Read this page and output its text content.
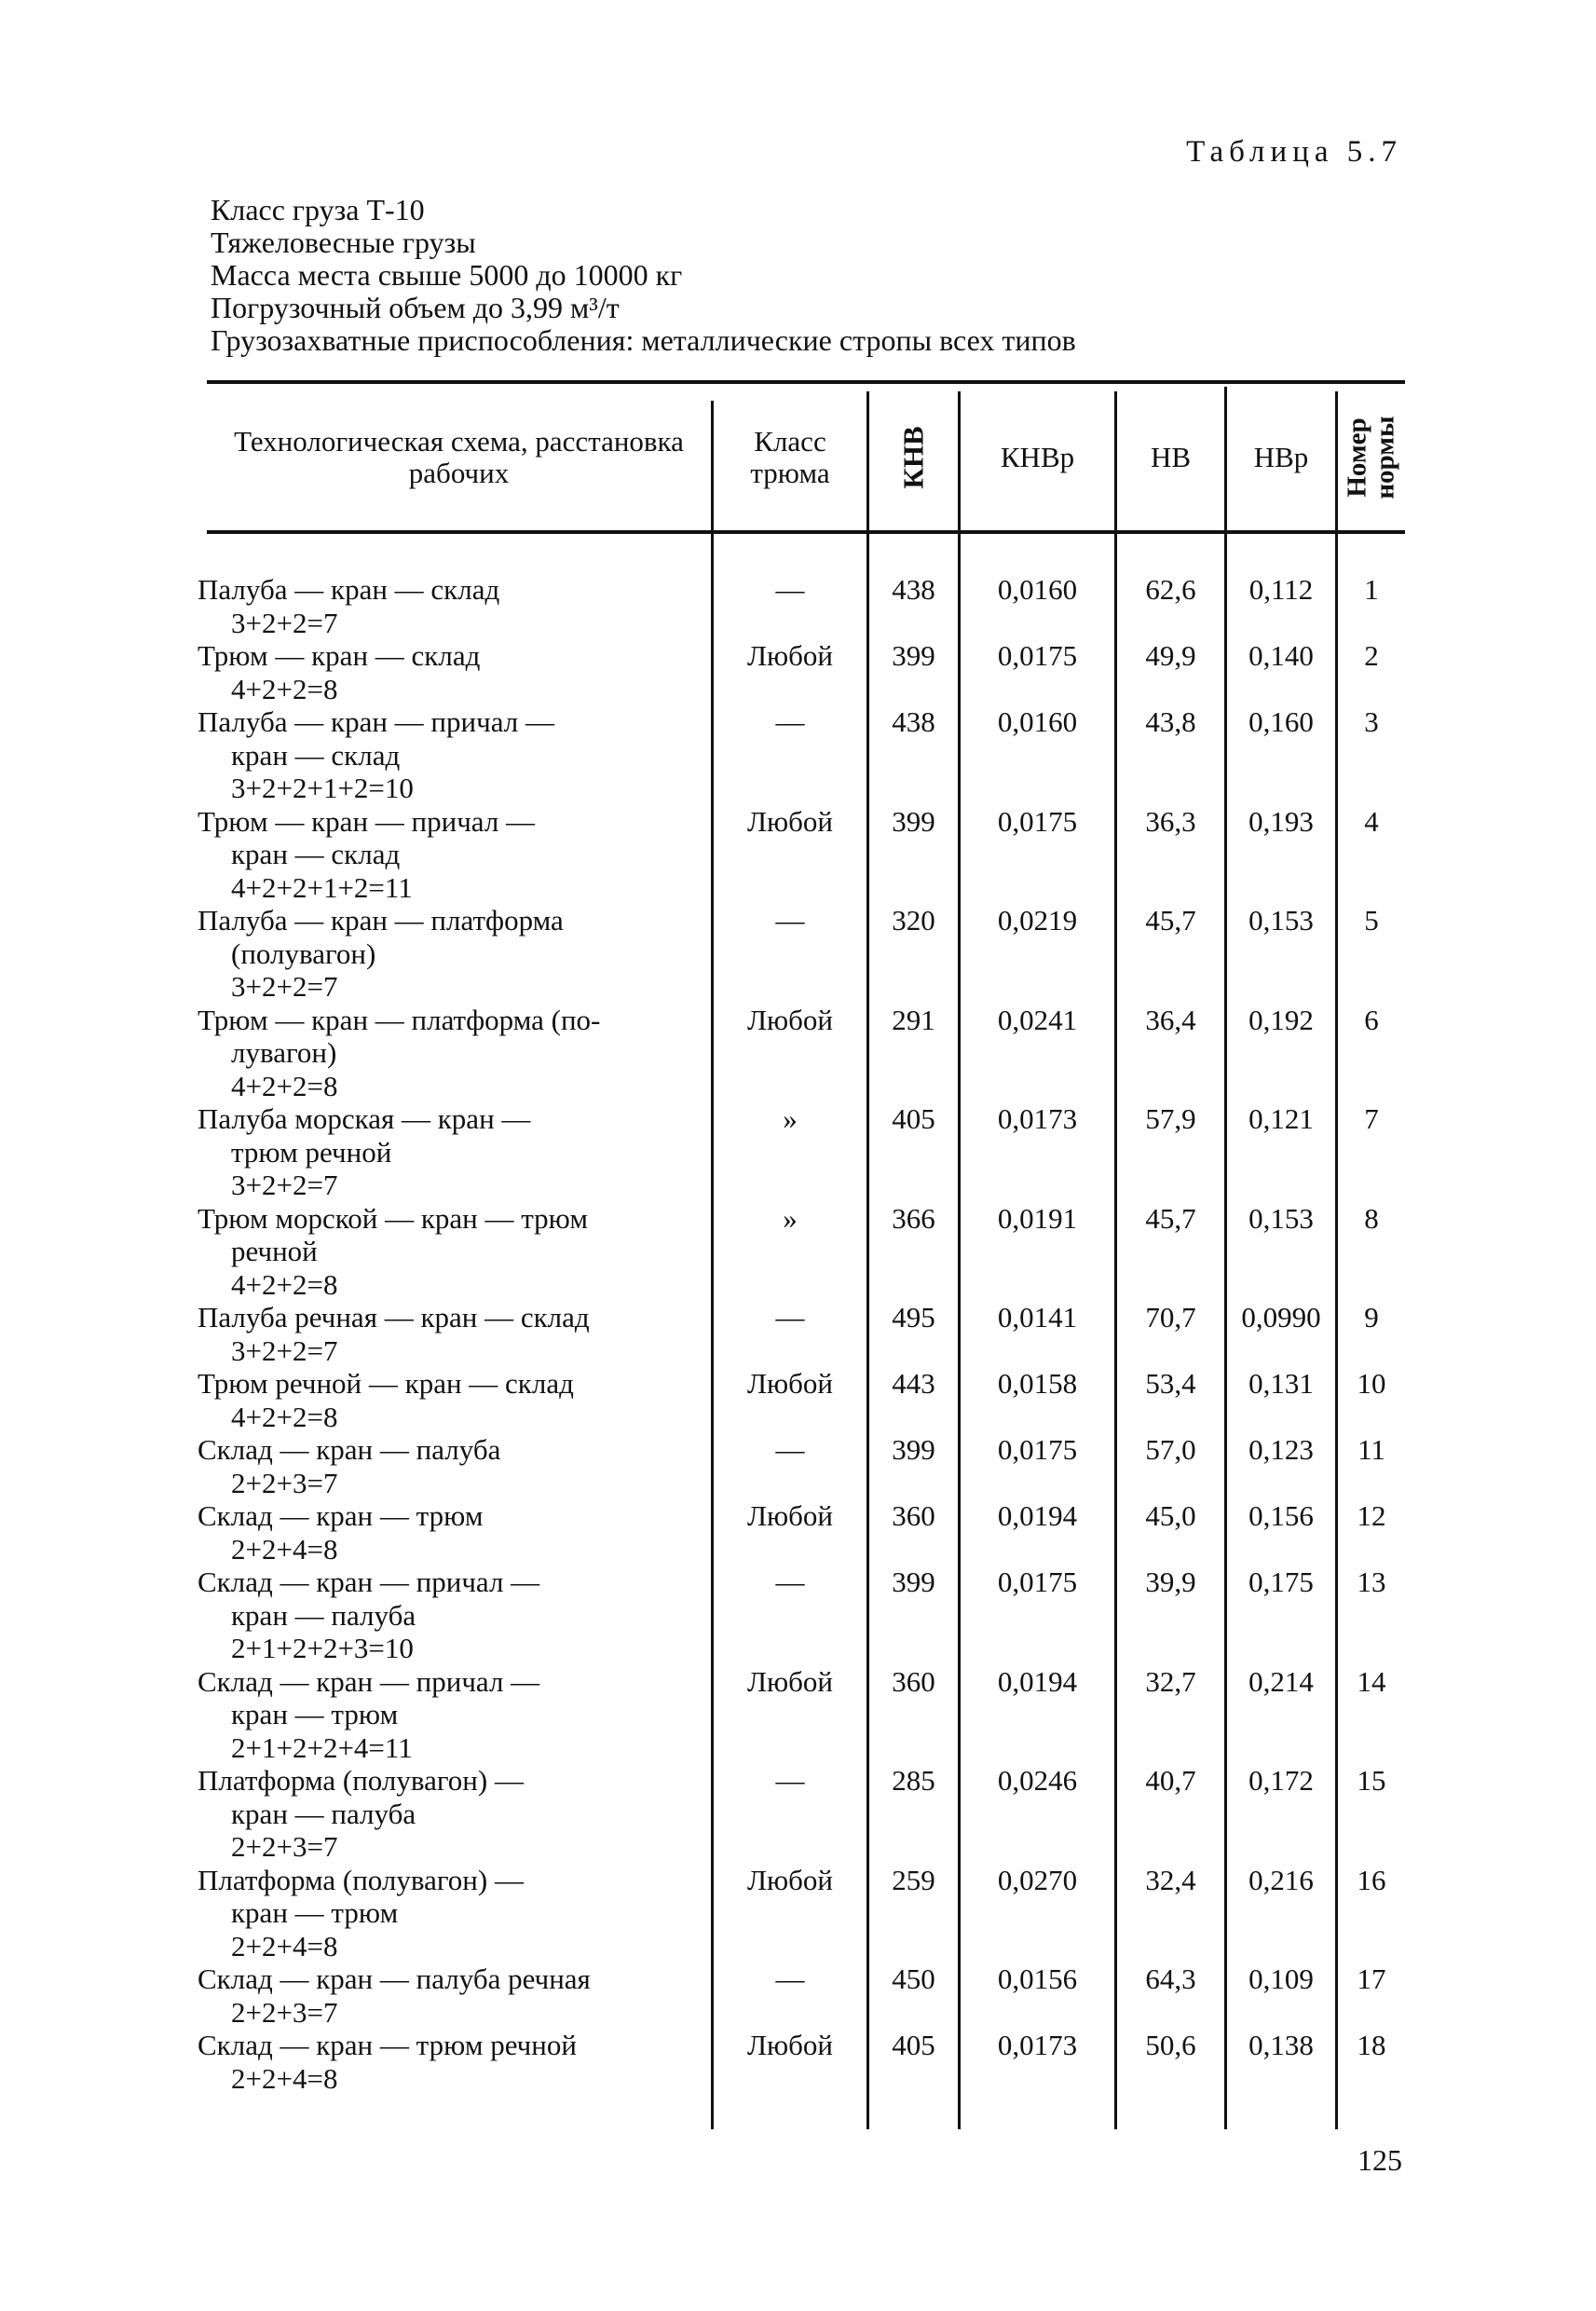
Таблица 5.7
Класс груза Т-10
Тяжеловесные грузы
Масса места свыше 5000 до 10000 кг
Погрузочный объем до 3,99 м³/т
Грузозахватные приспособления: металлические стропы всех типов
Технологическая схема, расстановка рабочих
Класс трюма	КНВ	КНВр	НВ	НВр	Номер нормы
Палуба — кран — склад
3+2+2=7
—	438	0,0160	62,6	0,112	1
Трюм — кран — склад
4+2+2=8
Любой	399	0,0175	49,9	0,140	2
Палуба — кран — причал —
кран — склад
3+2+2+1+2=10
—	438	0,0160	43,8	0,160	3
Трюм — кран — причал —
кран — склад
4+2+2+1+2=11
Любой	399	0,0175	36,3	0,193	4
Палуба — кран — платформа
(полувагон)
3+2+2=7
—	320	0,0219	45,7	0,153	5
Трюм — кран — платформа (по-
лувагон)
4+2+2=8
Любой	291	0,0241	36,4	0,192	6
Палуба морская — кран —
трюм речной
3+2+2=7
»	405	0,0173	57,9	0,121	7
Трюм морской — кран — трюм
речной
4+2+2=8
»	366	0,0191	45,7	0,153	8
Палуба речная — кран — склад
3+2+2=7
—	495	0,0141	70,7	0,0990	9
Трюм речной — кран — склад
4+2+2=8
Любой	443	0,0158	53,4	0,131	10
Склад — кран — палуба
2+2+3=7
—	399	0,0175	57,0	0,123	11
Склад — кран — трюм
2+2+4=8
Любой	360	0,0194	45,0	0,156	12
Склад — кран — причал —
кран — палуба
2+1+2+2+3=10
—	399	0,0175	39,9	0,175	13
Склад — кран — причал —
кран — трюм
2+1+2+2+4=11
Любой	360	0,0194	32,7	0,214	14
Платформа (полувагон) —
кран — палуба
2+2+3=7
—	285	0,0246	40,7	0,172	15
Платформа (полувагон) —
кран — трюм
2+2+4=8
Любой	259	0,0270	32,4	0,216	16
Склад — кран — палуба речная
2+2+3=7
—	450	0,0156	64,3	0,109	17
Склад — кран — трюм речной
2+2+4=8
Любой	405	0,0173	50,6	0,138	18
125
